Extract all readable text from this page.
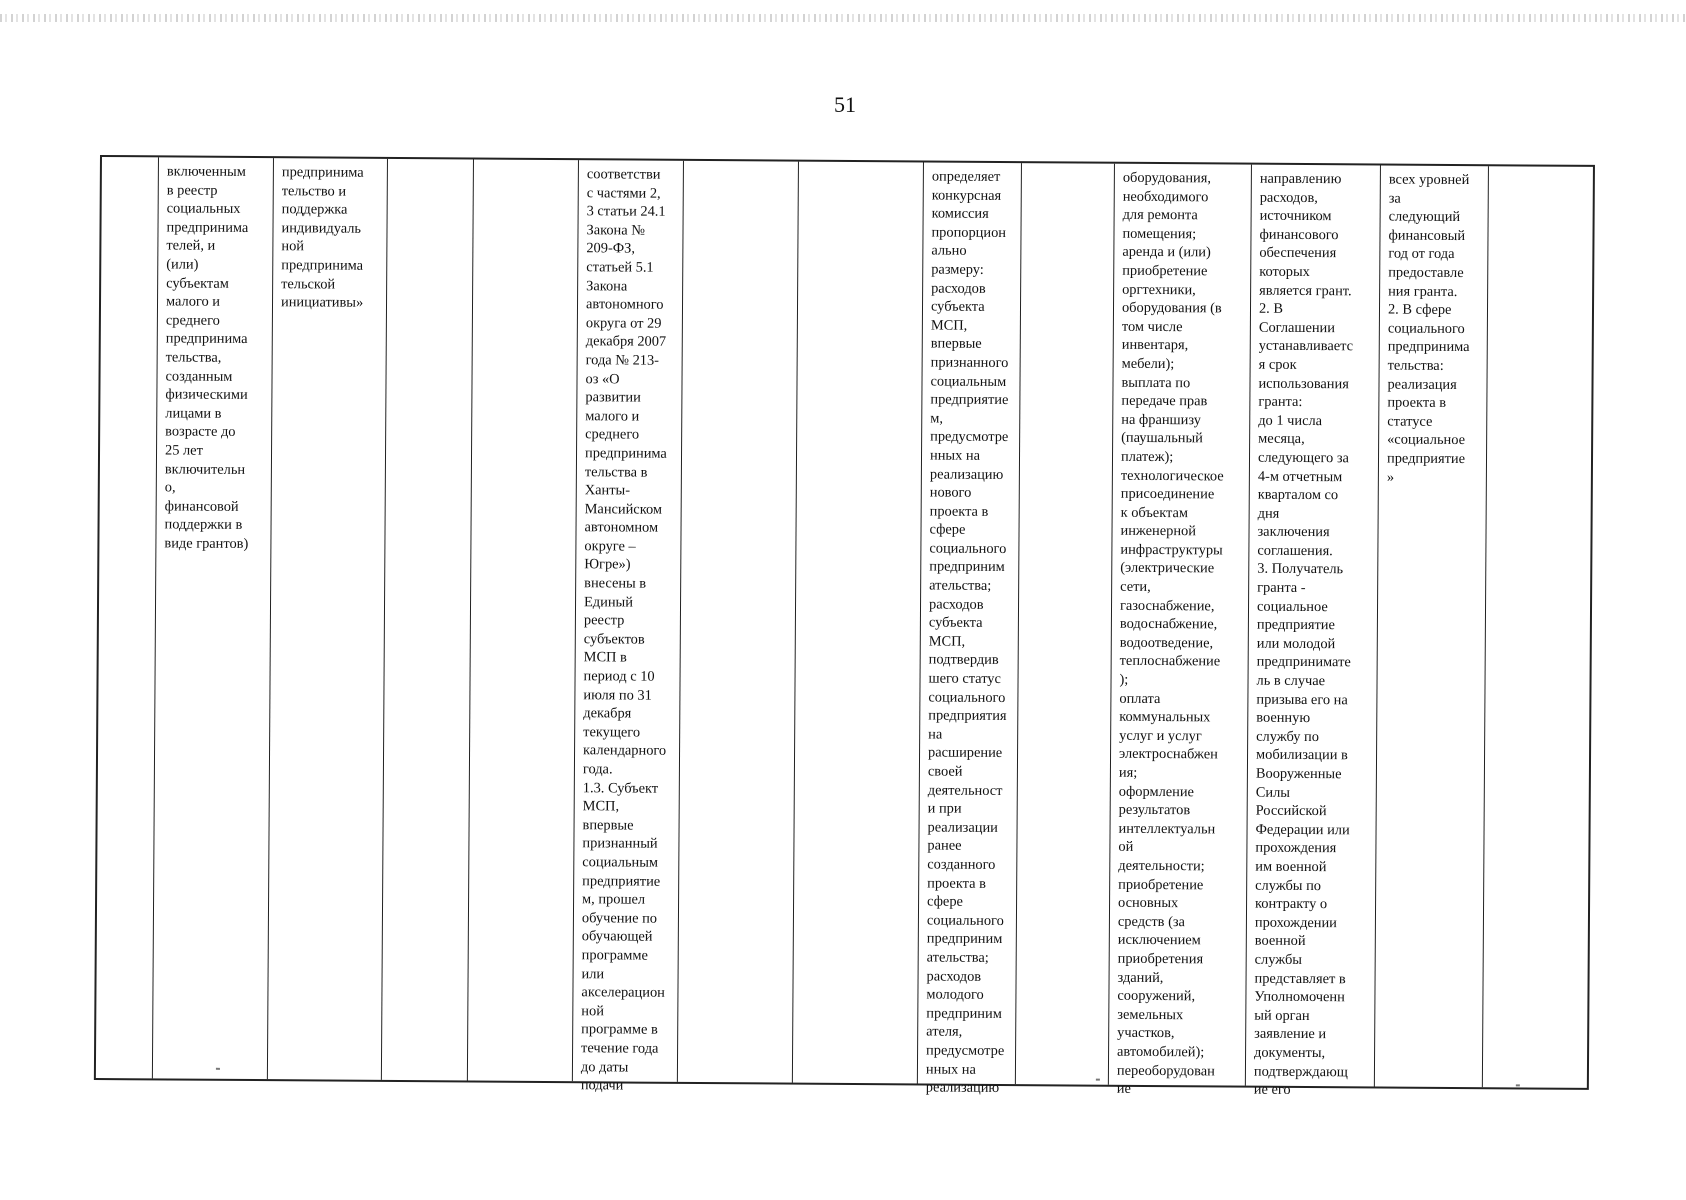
51
включенным
в реестр
социальных
предпринима
телей, и
(или)
субъектам
малого и
среднего
предпринима
тельства,
созданным
физическими
лицами в
возрасте до
25 лет
включительн
о,
финансовой
поддержки в
виде грантов)
предпринима
тельство и
поддержка
индивидуаль
ной
предпринима
тельской
инициативы»
соответстви
с частями 2,
3 статьи 24.1
Закона №
209-ФЗ,
статьей 5.1
Закона
автономного
округа от 29
декабря 2007
года № 213-
оз «О
развитии
малого и
среднего
предпринима
тельства в
Ханты-
Мансийском
автономном
округе –
Югре»)
внесены в
Единый
реестр
субъектов
МСП в
период с 10
июля по 31
декабря
текущего
календарного
года.
1.3. Субъект
МСП,
впервые
признанный
социальным
предприятие
м, прошел
обучение по
обучающей
программе
или
акселерацион
ной
программе в
течение года
до даты
подачи
определяет
конкурсная
комиссия
пропорцион
ально
размеру:
расходов
субъекта
МСП,
впервые
признанного
социальным
предприятие
м,
предусмотре
нных на
реализацию
нового
проекта в
сфере
социального
предприним
ательства;
расходов
субъекта
МСП,
подтвердив
шего статус
социального
предприятия
на
расширение
своей
деятельност
и при
реализации
ранее
созданного
проекта в
сфере
социального
предприним
ательства;
расходов
молодого
предприним
ателя,
предусмотре
нных на
реализацию
оборудования,
необходимого
для ремонта
помещения;
аренда и (или)
приобретение
оргтехники,
оборудования (в
том числе
инвентаря,
мебели);
выплата по
передаче прав
на франшизу
(паушальный
платеж);
технологическое
присоединение
к объектам
инженерной
инфраструктуры
(электрические
сети,
газоснабжение,
водоснабжение,
водоотведение,
теплоснабжение
);
оплата
коммунальных
услуг и услуг
электроснабжен
ия;
оформление
результатов
интеллектуальн
ой
деятельности;
приобретение
основных
средств (за
исключением
приобретения
зданий,
сооружений,
земельных
участков,
автомобилей);
переоборудован
ие
направлению
расходов,
источником
финансового
обеспечения
которых
является грант.
2. В
Соглашении
устанавливаетс
я срок
использования
гранта:
до 1 числа
месяца,
следующего за
4-м отчетным
кварталом со
дня
заключения
соглашения.
3. Получатель
гранта -
социальное
предприятие
или молодой
предпринимате
ль в случае
призыва его на
военную
службу по
мобилизации в
Вооруженные
Силы
Российской
Федерации или
прохождения
им военной
службы по
контракту о
прохождении
военной
службы
представляет в
Уполномоченн
ый орган
заявление и
документы,
подтверждающ
ие его
всех уровней
за
следующий
финансовый
год от года
предоставле
ния гранта.
2. В сфере
социального
предпринима
тельства:
реализация
проекта в
статусе
«социальное
предприятие
»
